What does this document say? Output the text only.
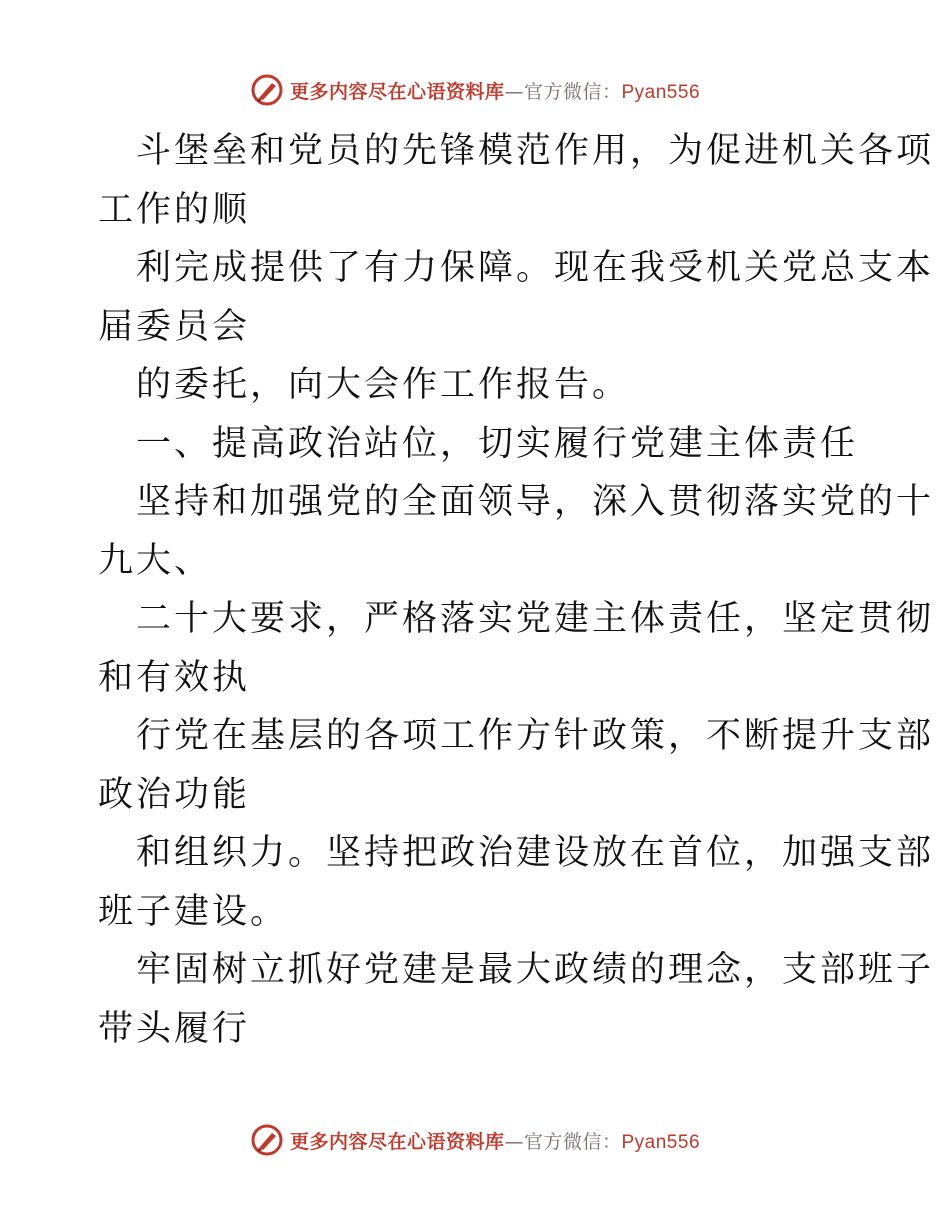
更多内容尽在心语资料库—官方微信：Pyan556
斗堡垒和党员的先锋模范作用，为促进机关各项
工作的顺
利完成提供了有力保障。现在我受机关党总支本
届委员会
的委托，向大会作工作报告。
一、提高政治站位，切实履行党建主体责任
坚持和加强党的全面领导，深入贯彻落实党的十
九大、
二十大要求，严格落实党建主体责任，坚定贯彻
和有效执
行党在基层的各项工作方针政策，不断提升支部
政治功能
和组织力。坚持把政治建设放在首位，加强支部
班子建设。
牢固树立抓好党建是最大政绩的理念，支部班子
带头履行
更多内容尽在心语资料库—官方微信：Pyan556
